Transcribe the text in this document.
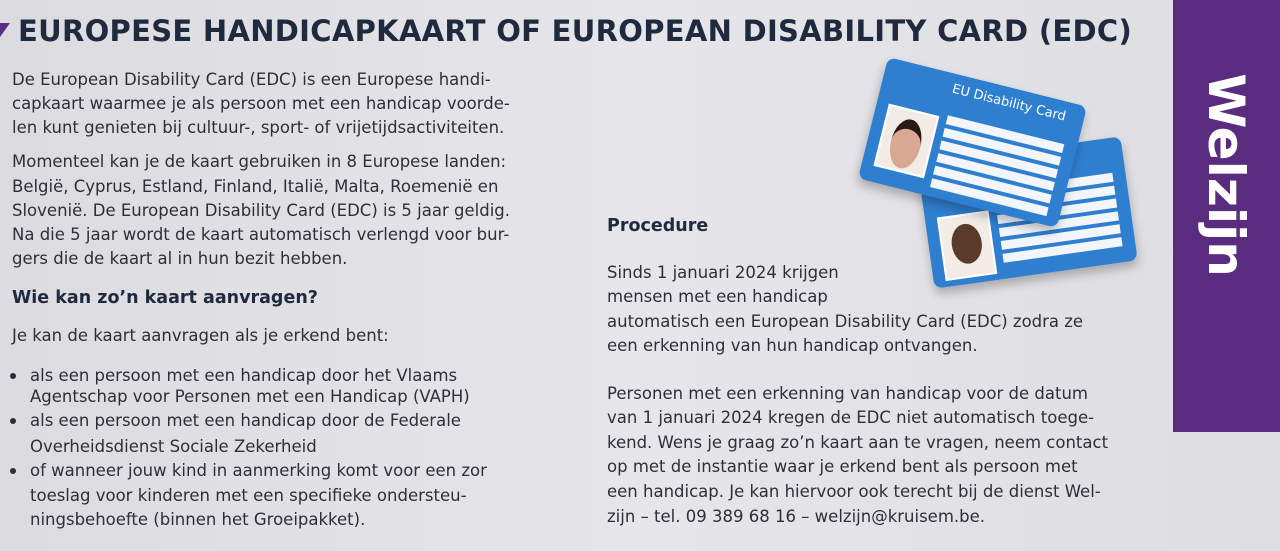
EUROPESE HANDICAPKAART OF EUROPEAN DISABILITY CARD (EDC)
Welzijn
De European Disability Card (EDC) is een Europese handi-
capkaart waarmee je als persoon met een handicap voorde-
len kunt genieten bij cultuur-, sport- of vrijetijdsactiviteiten.
Momenteel kan je de kaart gebruiken in 8 Europese landen:
België, Cyprus, Estland, Finland, Italië, Malta, Roemenië en
Slovenië. De European Disability Card (EDC) is 5 jaar geldig.
Na die 5 jaar wordt de kaart automatisch verlengd voor bur-
gers die de kaart al in hun bezit hebben.
Wie kan zo’n kaart aanvragen?
Je kan de kaart aanvragen als je erkend bent:
als een persoon met een handicap door het Vlaams
Agentschap voor Personen met een Handicap (VAPH)
als een persoon met een handicap door de Federale
Overheidsdienst Sociale Zekerheid
of wanneer jouw kind in aanmerking komt voor een zor
toeslag voor kinderen met een specifieke ondersteu-
ningsbehoefte (binnen het Groeipakket).
Procedure
Sinds 1 januari 2024 krijgen
mensen met een handicap
automatisch een European Disability Card (EDC) zodra ze
een erkenning van hun handicap ontvangen.
Personen met een erkenning van handicap voor de datum
van 1 januari 2024 kregen de EDC niet automatisch toege-
kend. Wens je graag zo’n kaart aan te vragen, neem contact
op met de instantie waar je erkend bent als persoon met
een handicap. Je kan hiervoor ook terecht bij de dienst Wel-
zijn – tel. 09 389 68 16 – welzijn@kruisem.be.
EU Disability Card
